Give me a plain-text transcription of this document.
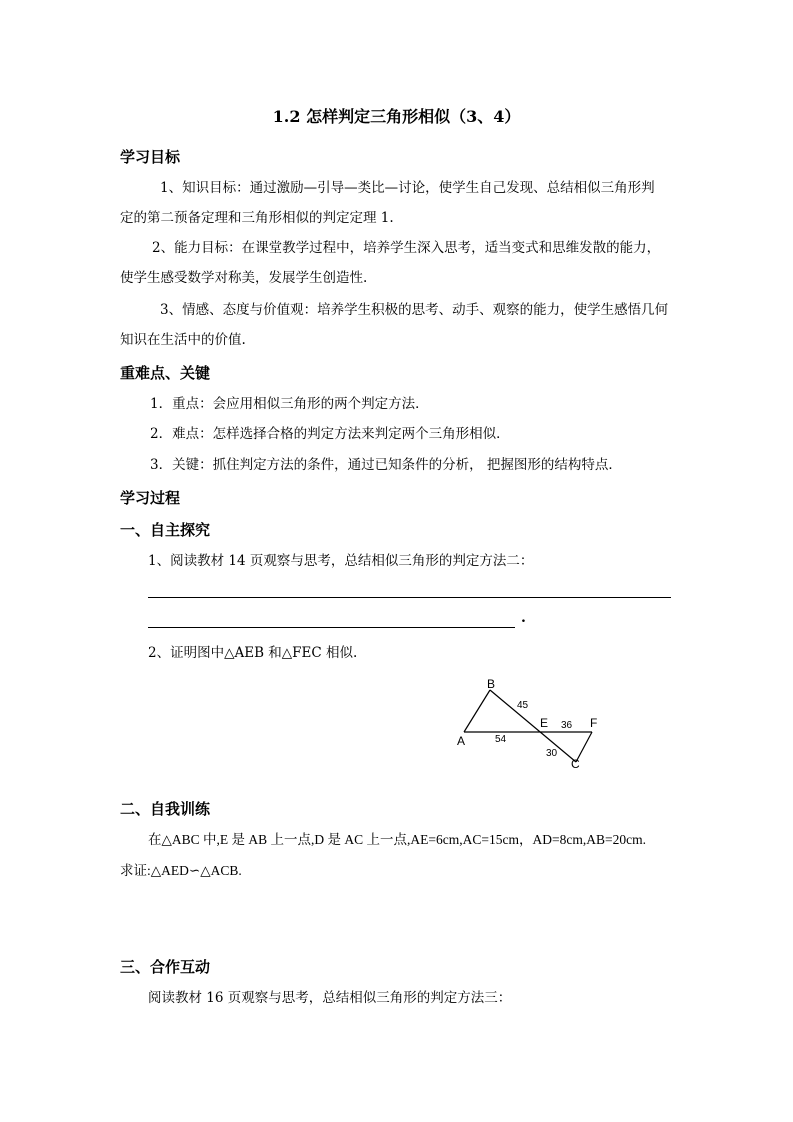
1.2 怎样判定三角形相似（3、4）
学习目标
1、知识目标：通过激励—引导—类比—讨论，使学生自己发现、总结相似三角形判
定的第二预备定理和三角形相似的判定定理 1.
2、能力目标：在课堂教学过程中，培养学生深入思考，适当变式和思维发散的能力，
使学生感受数学对称美，发展学生创造性.
3、情感、态度与价值观：培养学生积极的思考、动手、观察的能力，使学生感悟几何
知识在生活中的价值.
重难点、关键
1．重点：会应用相似三角形的两个判定方法．
2．难点：怎样选择合格的判定方法来判定两个三角形相似．
3．关键：抓住判定方法的条件，通过已知条件的分析， 把握图形的结构特点．
学习过程
一、自主探究
1、阅读教材 14 页观察与思考，总结相似三角形的判定方法二：
.
2、证明图中△AEB 和△FEC 相似.
A
B
C
E	F
45
54
36
30
二、自我训练
在△ABC 中,E 是 AB 上一点,D 是 AC 上一点,AE=6cm,AC=15cm，AD=8cm,AB=20cm.
求证:△AED∽△ACB.
三、合作互动
阅读教材 16 页观察与思考，总结相似三角形的判定方法三：
